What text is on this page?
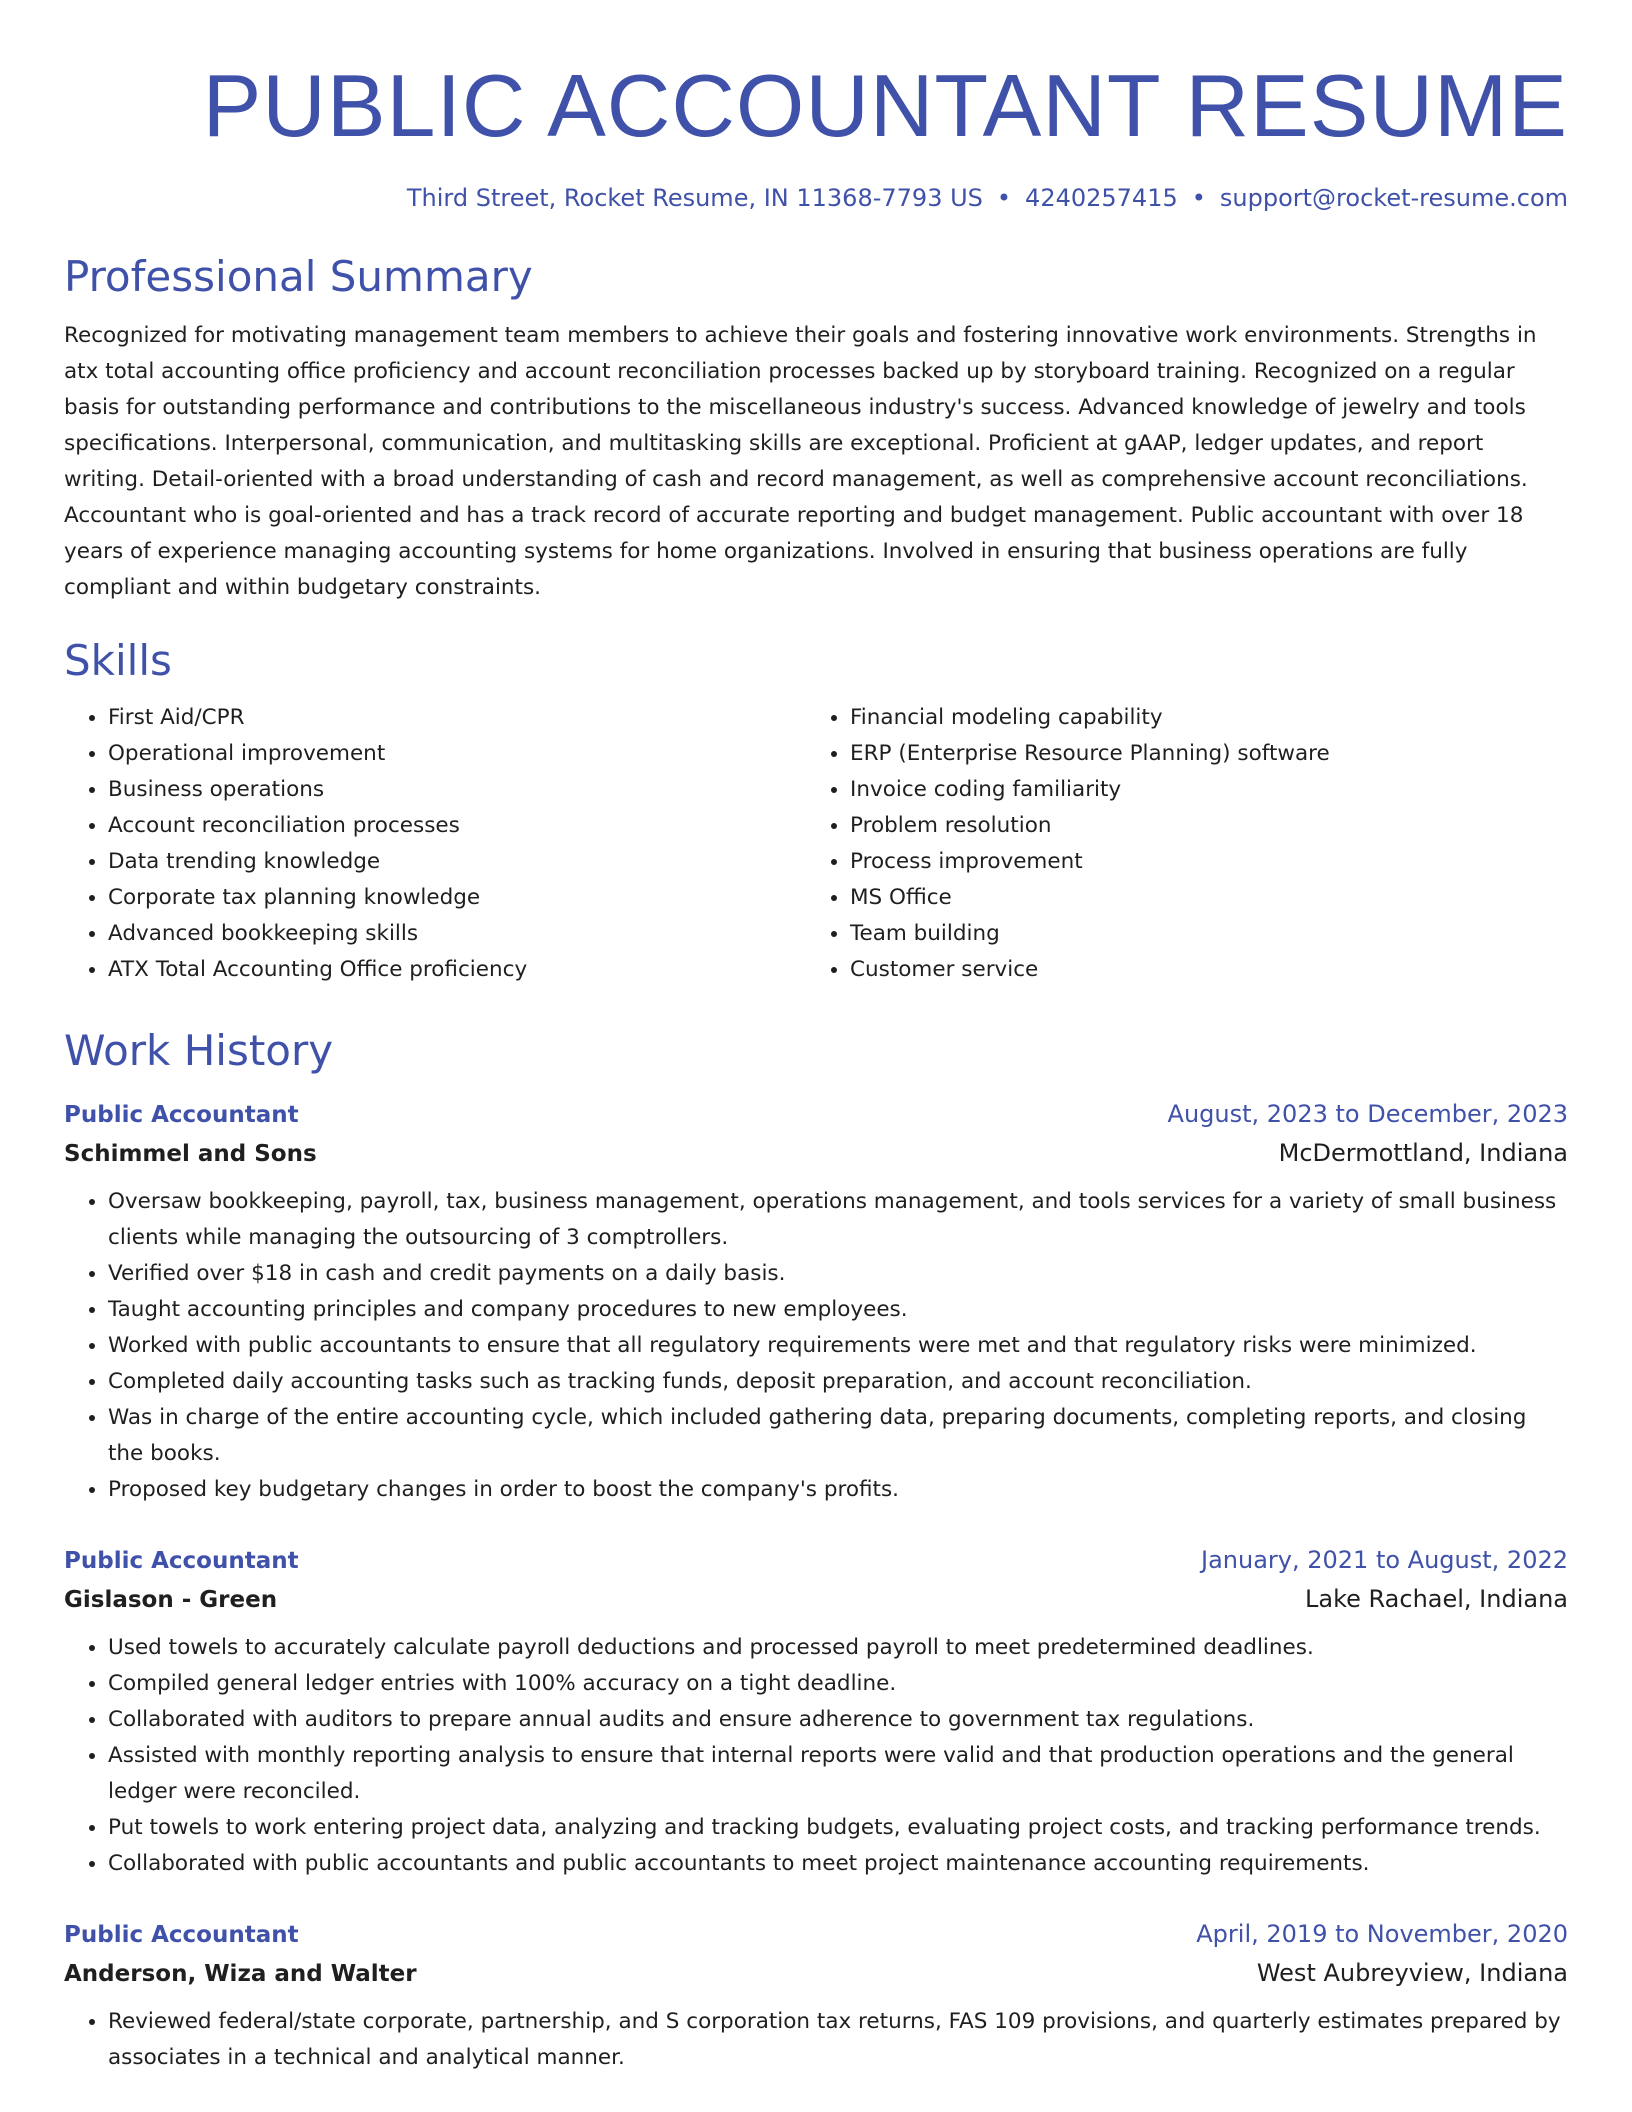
PUBLIC ACCOUNTANT RESUME
Third Street, Rocket Resume, IN 11368-7793 US • 4240257415 • support@rocket-resume.com
Professional Summary

Recognized for motivating management team members to achieve their goals and fostering innovative work environments. Strengths in atx total accounting office proficiency and account reconciliation processes backed up by storyboard training. Recognized on a regular basis for outstanding performance and contributions to the miscellaneous industry's success. Advanced knowledge of jewelry and tools specifications. Interpersonal, communication, and multitasking skills are exceptional. Proficient at gAAP, ledger updates, and report writing. Detail-oriented with a broad understanding of cash and record management, as well as comprehensive account reconciliations. Accountant who is goal-oriented and has a track record of accurate reporting and budget management. Public accountant with over 18 years of experience managing accounting systems for home organizations. Involved in ensuring that business operations are fully compliant and within budgetary constraints.

Skills
• First Aid/CPR
• Operational improvement
• Business operations
• Account reconciliation processes
• Data trending knowledge
• Corporate tax planning knowledge
• Advanced bookkeeping skills
• ATX Total Accounting Office proficiency
• Financial modeling capability
• ERP (Enterprise Resource Planning) software
• Invoice coding familiarity
• Problem resolution
• Process improvement
• MS Office
• Team building
• Customer service
Work History
Public Accountant	August, 2023 to December, 2023
Schimmel and Sons	McDermottland, Indiana
• Oversaw bookkeeping, payroll, tax, business management, operations management, and tools services for a variety of small business clients while managing the outsourcing of 3 comptrollers.
• Verified over $18 in cash and credit payments on a daily basis.
• Taught accounting principles and company procedures to new employees.
• Worked with public accountants to ensure that all regulatory requirements were met and that regulatory risks were minimized.
• Completed daily accounting tasks such as tracking funds, deposit preparation, and account reconciliation.
• Was in charge of the entire accounting cycle, which included gathering data, preparing documents, completing reports, and closing the books.
• Proposed key budgetary changes in order to boost the company's profits.
Public Accountant	January, 2021 to August, 2022
Gislason - Green	Lake Rachael, Indiana
• Used towels to accurately calculate payroll deductions and processed payroll to meet predetermined deadlines.
• Compiled general ledger entries with 100% accuracy on a tight deadline.
• Collaborated with auditors to prepare annual audits and ensure adherence to government tax regulations.
• Assisted with monthly reporting analysis to ensure that internal reports were valid and that production operations and the general ledger were reconciled.
• Put towels to work entering project data, analyzing and tracking budgets, evaluating project costs, and tracking performance trends.
• Collaborated with public accountants and public accountants to meet project maintenance accounting requirements.
Public Accountant	April, 2019 to November, 2020
Anderson, Wiza and Walter	West Aubreyview, Indiana
• Reviewed federal/state corporate, partnership, and S corporation tax returns, FAS 109 provisions, and quarterly estimates prepared by associates in a technical and analytical manner.
